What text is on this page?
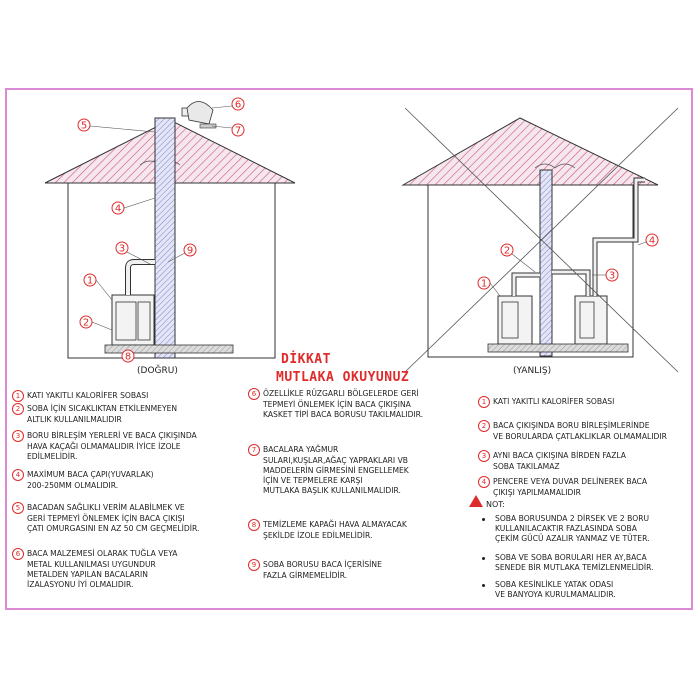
1
2
3
4
5
6
7
8
9
1
2
3
4
(DOĞRU)	(YANLIŞ)
DİKKAT
MUTLAKA OKUYUNUZ
1 KATI YAKITLI KALORİFER SOBASI
2 SOBA İÇİN SICAKLIKTAN ETKİLENMEYEN
ALTLIK KULLANILMALIDIR
3 BORU BİRLEŞİM YERLERİ VE BACA ÇIKIŞINDA
HAVA KAÇAĞI OLMAMALIDIR İYİCE İZOLE
EDİLMELİDİR.
4 MAXİMUM BACA ÇAPI(YUVARLAK)
200-250MM OLMALIDIR.
5 BACADAN SAĞLIKLI VERİM ALABİLMEK VE
GERİ TEPMEYİ ÖNLEMEK İÇİN BACA ÇIKIŞI
ÇATI OMURGASINI EN AZ 50 CM GEÇMELİDİR.
6 BACA MALZEMESİ OLARAK TUĞLA VEYA
METAL KULLANILMASI UYGUNDUR
METALDEN YAPILAN BACALARIN
İZALASYONU İYİ OLMALIDIR.
6 ÖZELLİKLE RÜZGARLI BÖLGELERDE GERİ
TEPMEYİ ÖNLEMEK İÇİN BACA ÇIKIŞINA
KASKET TİPİ BACA BORUSU TAKILMALIDIR.
7 BACALARA YAĞMUR
SULARI,KUŞLAR,AĞAÇ YAPRAKLARI VB
MADDELERİN GİRMESİNİ ENGELLEMEK
İÇİN VE TEPMELERE KARŞI
MUTLAKA BAŞLIK KULLANILMALIDIR.
8 TEMİZLEME KAPAĞI HAVA ALMAYACAK
ŞEKİLDE İZOLE EDİLMELİDİR.
9 SOBA BORUSU BACA İÇERİSİNE
FAZLA GİRMEMELİDİR.
1 KATI YAKITLI KALORİFER SOBASI
2 BACA ÇIKIŞINDA BORU BİRLEŞİMLERİNDE
VE BORULARDA ÇATLAKLIKLAR OLMAMALIDIR
3 AYNI BACA ÇIKIŞINA BİRDEN FAZLA
SOBA TAKILAMAZ
4 PENCERE VEYA DUVAR DELİNEREK BACA
ÇIKIŞI YAPILMAMALIDIR
NOT:
SOBA BORUSUNDA 2 DİRSEK VE 2 BORU
KULLANILACAKTIR FAZLASINDA SOBA
ÇEKİM GÜCÜ AZALIR YANMAZ VE TÜTER.
SOBA VE SOBA BORULARI HER AY,BACA
SENEDE BİR MUTLAKA TEMİZLENMELİDİR.
SOBA KESİNLİKLE YATAK ODASI
VE BANYOYA KURULMAMALIDIR.
